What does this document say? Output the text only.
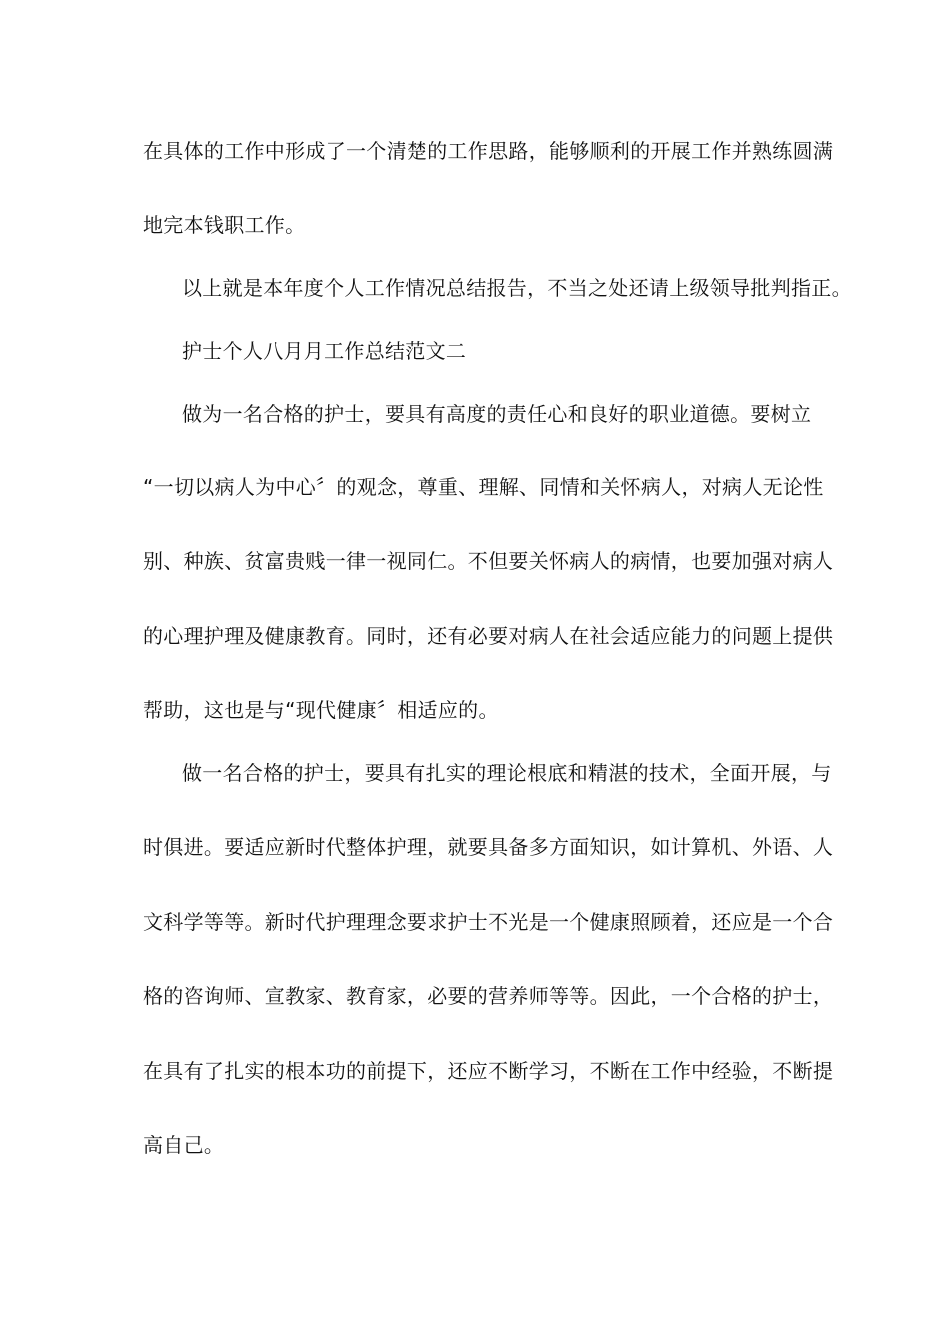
在具体的工作中形成了一个清楚的工作思路，能够顺利的开展工作并熟练圆满
地完本钱职工作。
以上就是本年度个人工作情况总结报告，不当之处还请上级领导批判指正。
护士个人八月月工作总结范文二
做为一名合格的护士，要具有高度的责任心和良好的职业道德。要树立
“一切以病人为中心〞的观念，尊重、理解、同情和关怀病人，对病人无论性
别、种族、贫富贵贱一律一视同仁。不但要关怀病人的病情，也要加强对病人
的心理护理及健康教育。同时，还有必要对病人在社会适应能力的问题上提供
帮助，这也是与“现代健康〞相适应的。
做一名合格的护士，要具有扎实的理论根底和精湛的技术，全面开展，与
时俱进。要适应新时代整体护理，就要具备多方面知识，如计算机、外语、人
文科学等等。新时代护理理念要求护士不光是一个健康照顾着，还应是一个合
格的咨询师、宣教家、教育家，必要的营养师等等。因此，一个合格的护士，
在具有了扎实的根本功的前提下，还应不断学习，不断在工作中经验，不断提
高自己。
